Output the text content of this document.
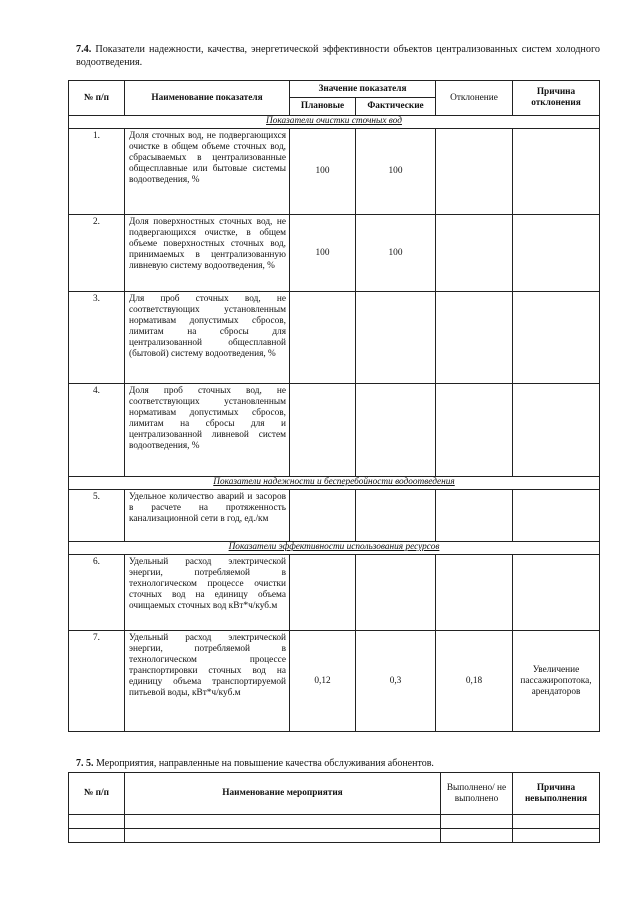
7.4. Показатели надежности, качества, энергетической эффективности объектов централизованных систем холодного водоотведения.
№ п/п	Наименование показателя	Значение показателя		Отклонение	Причина отклонения
		Плановые	Фактические		
Показатели очистки сточных вод					
1.	Доля сточных вод, не подвергающихся очистке в общем объеме сточных вод, сбрасываемых в централизованные общесплавные или бытовые системы водоотведения, %	100	100		
2.	Доля поверхностных сточных вод, не подвергающихся очистке, в общем объеме поверхностных сточных вод, принимаемых в централизованную ливневую систему водоотведения, %	100	100		
3.	Для проб сточных вод, не соответствующих установленным нормативам допустимых сбросов, лимитам на сбросы для централизованной общесплавной (бытовой) систему водоотведения, %				
4.	Доля проб сточных вод, не соответствующих установленным нормативам допустимых сбросов, лимитам на сбросы для и централизованной ливневой систем водоотведения, %				
Показатели надежности и бесперебойности водоотведения					
5.	Удельное количество аварий и засоров в расчете на протяженность канализационной сети в год, ед./км				
Показатели эффективности использования ресурсов					
6.	Удельный расход электрической энергии, потребляемой в технологическом процессе очистки сточных вод на единицу объема очищаемых сточных вод кВт*ч/куб.м				
7.	Удельный расход электрической энергии, потребляемой в технологическом процессе транспортировки сточных вод на единицу объема транспортируемой питьевой воды, кВт*ч/куб.м	0,12	0,3	0,18	Увеличение пассажиропотока, арендаторов
7. 5. Мероприятия, направленные на повышение качества обслуживания абонентов.
№ п/п	Наименование мероприятия	Выполнено/ не выполнено	Причина невыполнения
